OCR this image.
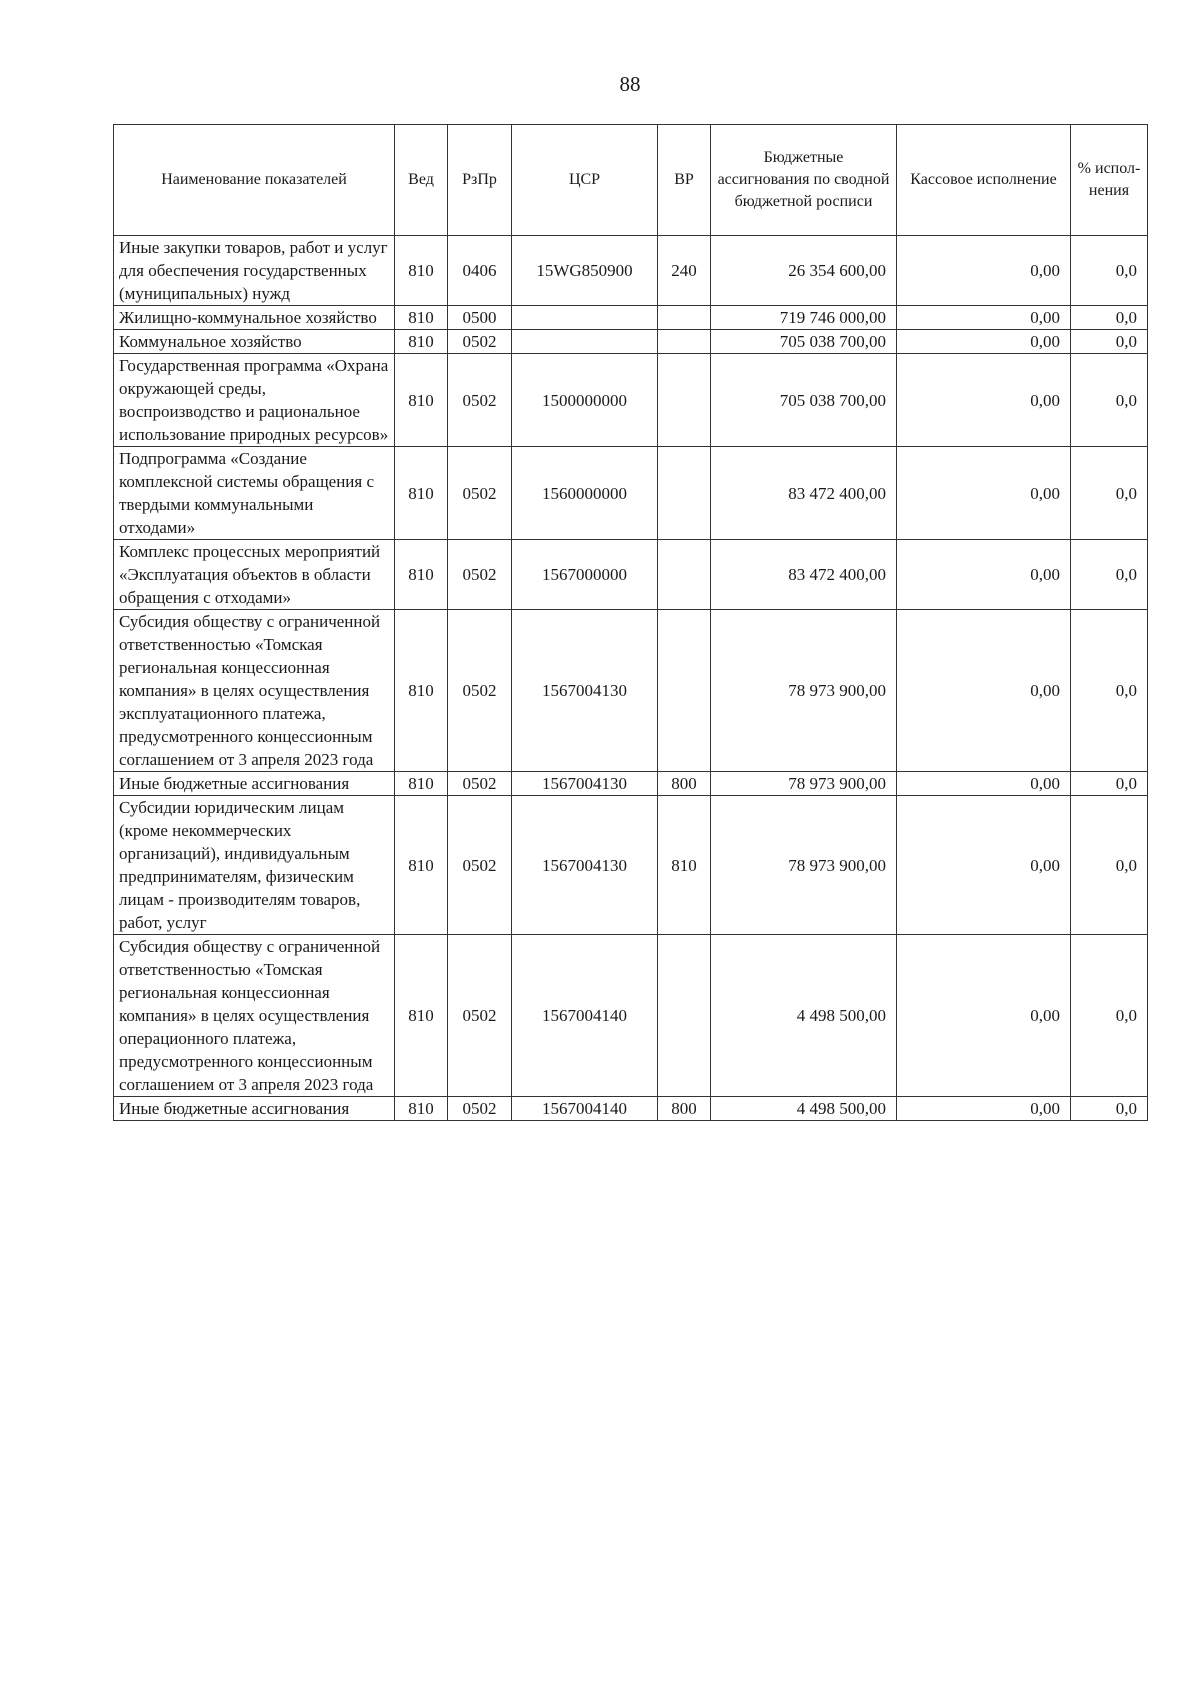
88
Наименование показателей	Вед	РзПр	ЦСР	ВР	Бюджетные ассигнования по сводной бюджетной росписи	Кассовое исполнение	% испол-нения
Иные закупки товаров, работ и услуг для обеспечения государственных (муниципальных) нужд	810	0406	15WG850900	240	26 354 600,00	0,00	0,0
Жилищно-коммунальное хозяйство	810	0500			719 746 000,00	0,00	0,0
Коммунальное хозяйство	810	0502			705 038 700,00	0,00	0,0
Государственная программа «Охрана окружающей среды, воспроизводство и рациональное использование природных ресурсов»	810	0502	1500000000		705 038 700,00	0,00	0,0
Подпрограмма «Создание комплексной системы обращения с твердыми коммунальными отходами»	810	0502	1560000000		83 472 400,00	0,00	0,0
Комплекс процессных мероприятий «Эксплуатация объектов в области обращения с отходами»	810	0502	1567000000		83 472 400,00	0,00	0,0
Субсидия обществу с ограниченной ответственностью «Томская региональная концессионная компания» в целях осуществления эксплуатационного платежа, предусмотренного концессионным соглашением от 3 апреля 2023 года	810	0502	1567004130		78 973 900,00	0,00	0,0
Иные бюджетные ассигнования	810	0502	1567004130	800	78 973 900,00	0,00	0,0
Субсидии юридическим лицам (кроме некоммерческих организаций), индивидуальным предпринимателям, физическим лицам - производителям товаров, работ, услуг	810	0502	1567004130	810	78 973 900,00	0,00	0,0
Субсидия обществу с ограниченной ответственностью «Томская региональная концессионная компания» в целях осуществления операционного платежа, предусмотренного концессионным соглашением от 3 апреля 2023 года	810	0502	1567004140		4 498 500,00	0,00	0,0
Иные бюджетные ассигнования	810	0502	1567004140	800	4 498 500,00	0,00	0,0
